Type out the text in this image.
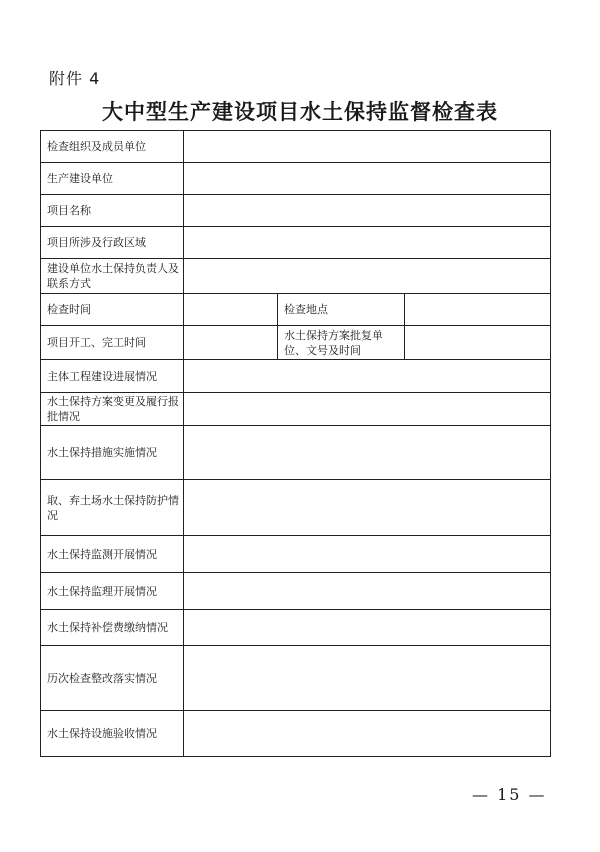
附件 4
大中型生产建设项目水土保持监督检查表
检查组织及成员单位			
生产建设单位			
项目名称			
项目所涉及行政区域			
建设单位水土保持负责人及联系方式			
检查时间		检查地点	
项目开工、完工时间		水土保持方案批复单位、文号及时间	
主体工程建设进展情况			
水土保持方案变更及履行报批情况			
水土保持措施实施情况			
取、弃土场水土保持防护情况			
水土保持监测开展情况			
水土保持监理开展情况			
水土保持补偿费缴纳情况			
历次检查整改落实情况			
水土保持设施验收情况			
— 15 —
